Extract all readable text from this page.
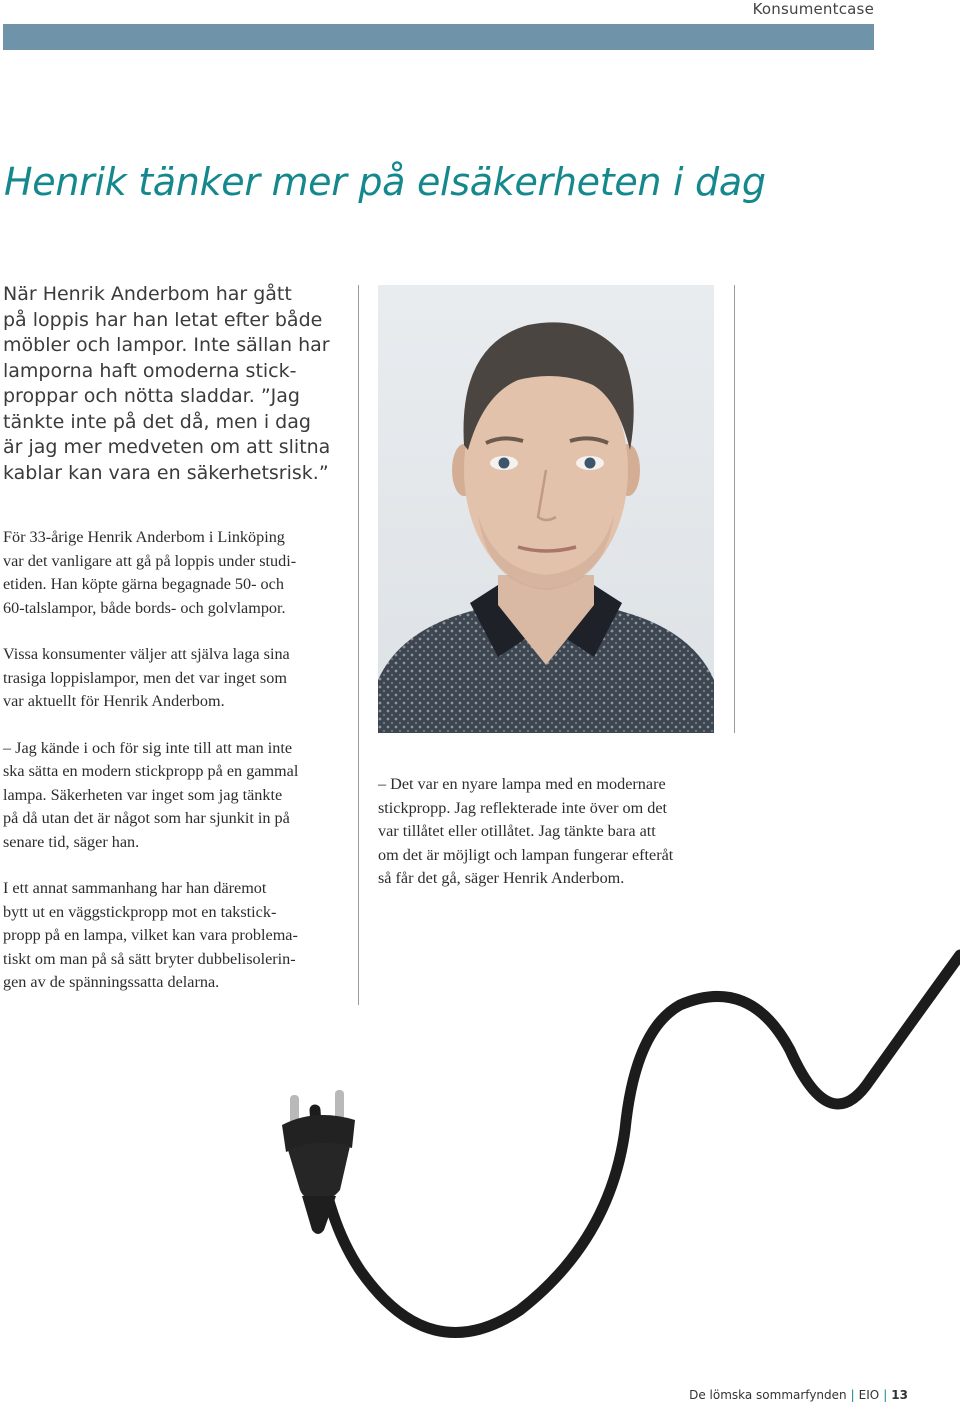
Konsumentcase
Henrik tänker mer på elsäkerheten i dag

När Henrik Anderbom har gått
på loppis har han letat efter både
möbler och lampor. Inte sällan har
lamporna haft omoderna stick-
proppar och nötta sladdar. ”Jag
tänkte inte på det då, men i dag
är jag mer medveten om att slitna
kablar kan vara en säkerhetsrisk.”

För 33-årige Henrik Anderbom i Linköping
var det vanligare att gå på loppis under studi-
etiden. Han köpte gärna begagnade 50- och
60-talslampor, både bords- och golvlampor.

Vissa konsumenter väljer att själva laga sina
trasiga loppislampor, men det var inget som
var aktuellt för Henrik Anderbom.

– Jag kände i och för sig inte till att man inte
ska sätta en modern stickpropp på en gammal
lampa. Säkerheten var inget som jag tänkte
på då utan det är något som har sjunkit in på
senare tid, säger han.

I ett annat sammanhang har han däremot
bytt ut en väggstickpropp mot en takstick-
propp på en lampa, vilket kan vara problema-
tiskt om man på så sätt bryter dubbelisolerin-
gen av de spänningssatta delarna.

– Det var en nyare lampa med en modernare
stickpropp. Jag reflekterade inte över om det
var tillåtet eller otillåtet. Jag tänkte bara att
om det är möjligt och lampan fungerar efteråt
så får det gå, säger Henrik Anderbom.

De lömska sommarfynden | EIO | 13
